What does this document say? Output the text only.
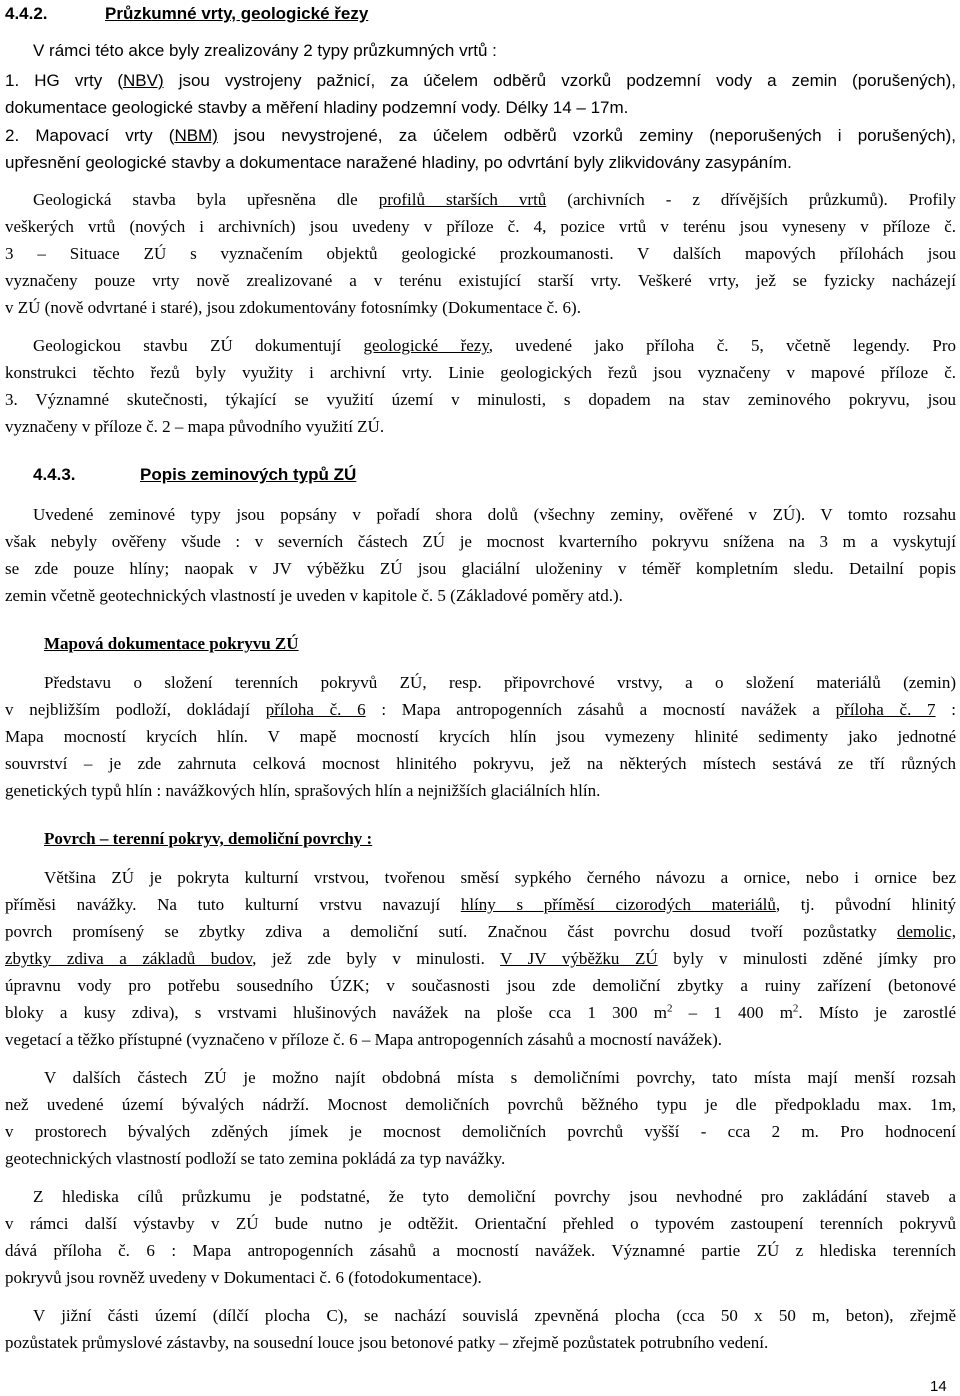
4.4.2.	Průzkumné vrty, geologické řezy
V rámci této akce byly zrealizovány 2 typy průzkumných vrtů :
1. HG vrty (NBV) jsou vystrojeny pažnicí, za účelem odběrů vzorků podzemní vody a zemin (porušených),
dokumentace geologické stavby a měření hladiny podzemní vody. Délky 14 – 17m.
2. Mapovací vrty (NBM) jsou nevystrojené, za účelem odběrů vzorků zeminy (neporušených i porušených),
upřesnění geologické stavby a dokumentace naražené hladiny, po odvrtání byly zlikvidovány zasypáním.
Geologická stavba byla upřesněna dle profilů starších vrtů (archivních - z dřívějších průzkumů). Profily
veškerých vrtů (nových i archivních) jsou uvedeny v příloze č. 4, pozice vrtů v terénu jsou vyneseny v příloze č.
3 – Situace ZÚ s vyznačením objektů geologické prozkoumanosti. V dalších mapových přílohách jsou
vyznačeny pouze vrty nově zrealizované a v terénu existující starší vrty. Veškeré vrty, jež se fyzicky nacházejí
v ZÚ (nově odvrtané i staré), jsou zdokumentovány fotosnímky (Dokumentace č. 6).
Geologickou stavbu ZÚ dokumentují geologické řezy, uvedené jako příloha č. 5, včetně legendy. Pro
konstrukci těchto řezů byly využity i archivní vrty. Linie geologických řezů jsou vyznačeny v mapové příloze č.
3. Významné skutečnosti, týkající se využití území v minulosti, s dopadem na stav zeminového pokryvu, jsou
vyznačeny v příloze č. 2 – mapa původního využití ZÚ.
4.4.3.	Popis zeminových typů ZÚ
Uvedené zeminové typy jsou popsány v pořadí shora dolů (všechny zeminy, ověřené v ZÚ). V tomto rozsahu
však nebyly ověřeny všude : v severních částech ZÚ je mocnost kvarterního pokryvu snížena na 3 m a vyskytují
se zde pouze hlíny; naopak v JV výběžku ZÚ jsou glaciální uloženiny v téměř kompletním sledu. Detailní popis
zemin včetně geotechnických vlastností je uveden v kapitole č. 5 (Základové poměry atd.).
Mapová dokumentace pokryvu ZÚ
Představu o složení terenních pokryvů ZÚ, resp. připovrchové vrstvy, a o složení materiálů (zemin)
v nejbližším podloží, dokládají příloha č. 6 : Mapa antropogenních zásahů a mocností navážek a příloha č. 7 :
Mapa mocností krycích hlín. V mapě mocností krycích hlín jsou vymezeny hlinité sedimenty jako jednotné
souvrství – je zde zahrnuta celková mocnost hlinitého pokryvu, jež na některých místech sestává ze tří různých
genetických typů hlín : navážkových hlín, sprašových hlín a nejnižších glaciálních hlín.
Povrch – terenní pokryv, demoliční povrchy :
Většina ZÚ je pokryta kulturní vrstvou, tvořenou směsí sypkého černého návozu a ornice, nebo i ornice bez
příměsi navážky. Na tuto kulturní vrstvu navazují hlíny s příměsí cizorodých materiálů, tj. původní hlinitý
povrch promísený se zbytky zdiva a demoliční sutí. Značnou část povrchu dosud tvoří pozůstatky demolic,
zbytky zdiva a základů budov, jež zde byly v minulosti. V JV výběžku ZÚ byly v minulosti zděné jímky pro
úpravnu vody pro potřebu sousedního ÚZK; v současnosti jsou zde demoliční zbytky a ruiny zařízení (betonové
bloky a kusy zdiva), s vrstvami hlušinových navážek na ploše cca 1 300 $m^2 - 1$ 400 $m^2$. Místo je zarostlé
vegetací a těžko přístupné (vyznačeno v příloze č. 6 – Mapa antropogenních zásahů a mocností navážek).
V dalších částech ZÚ je možno najít obdobná místa s demoličními povrchy, tato místa mají menší rozsah
než uvedené území bývalých nádrží. Mocnost demoličních povrchů běžného typu je dle předpokladu max. 1m,
v prostorech bývalých zděných jímek je mocnost demoličních povrchů vyšší - cca 2 m. Pro hodnocení
geotechnických vlastností podloží se tato zemina pokládá za typ navážky.
Z hlediska cílů průzkumu je podstatné, že tyto demoliční povrchy jsou nevhodné pro zakládání staveb a
v rámci další výstavby v ZÚ bude nutno je odtěžit. Orientační přehled o typovém zastoupení terenních pokryvů
dává příloha č. 6 : Mapa antropogenních zásahů a mocností navážek. Významné partie ZÚ z hlediska terenních
pokryvů jsou rovněž uvedeny v Dokumentaci č. 6 (fotodokumentace).
V jižní části území (dílčí plocha C), se nachází souvislá zpevněná plocha (cca 50 x 50 m, beton), zřejmě
pozůstatek průmyslové zástavby, na sousední louce jsou betonové patky – zřejmě pozůstatek potrubního vedení.
14
